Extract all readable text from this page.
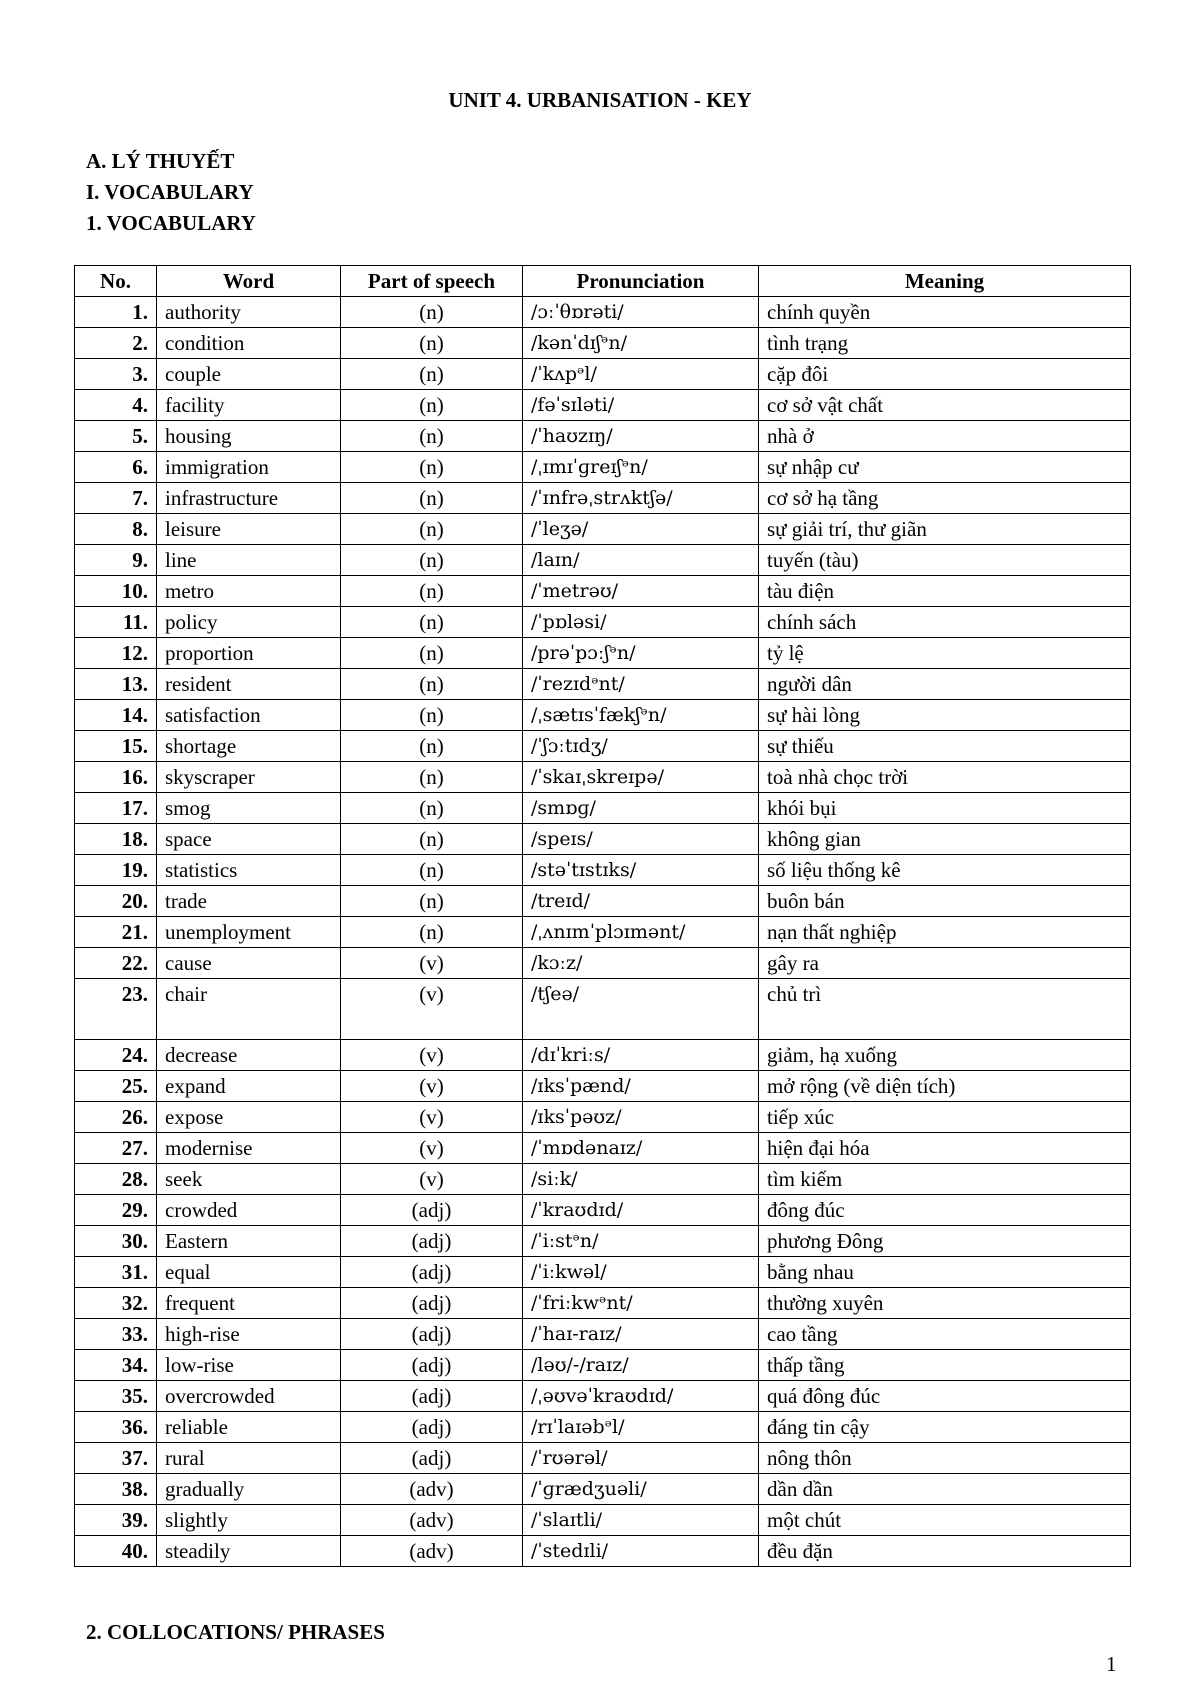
UNIT 4. URBANISATION - KEY
A. LÝ THUYẾT
I. VOCABULARY
1. VOCABULARY
No.	Word	Part of speech	Pronunciation	Meaning
1.	authority	(n)	/ɔːˈθɒrəti/	chính quyền
2.	condition	(n)	/kənˈdɪʃᵊn/	tình trạng
3.	couple	(n)	/ˈkʌpᵊl/	cặp đôi
4.	facility	(n)	/fəˈsɪləti/	cơ sở vật chất
5.	housing	(n)	/ˈhaʊzɪŋ/	nhà ở
6.	immigration	(n)	/ˌɪmɪˈɡreɪʃᵊn/	sự nhập cư
7.	infrastructure	(n)	/ˈɪnfrəˌstrʌktʃə/	cơ sở hạ tầng
8.	leisure	(n)	/ˈleʒə/	sự giải trí, thư giãn
9.	line	(n)	/laɪn/	tuyến (tàu)
10.	metro	(n)	/ˈmetrəʊ/	tàu điện
11.	policy	(n)	/ˈpɒləsi/	chính sách
12.	proportion	(n)	/prəˈpɔːʃᵊn/	tỷ lệ
13.	resident	(n)	/ˈrezɪdᵊnt/	người dân
14.	satisfaction	(n)	/ˌsætɪsˈfækʃᵊn/	sự hài lòng
15.	shortage	(n)	/ˈʃɔːtɪdʒ/	sự thiếu
16.	skyscraper	(n)	/ˈskaɪˌskreɪpə/	toà nhà chọc trời
17.	smog	(n)	/smɒɡ/	khói bụi
18.	space	(n)	/speɪs/	không gian
19.	statistics	(n)	/stəˈtɪstɪks/	số liệu thống kê
20.	trade	(n)	/treɪd/	buôn bán
21.	unemployment	(n)	/ˌʌnɪmˈplɔɪmənt/	nạn thất nghiệp
22.	cause	(v)	/kɔːz/	gây ra
23.	chair	(v)	/tʃeə/	chủ trì
24.	decrease	(v)	/dɪˈkriːs/	giảm, hạ xuống
25.	expand	(v)	/ɪksˈpænd/	mở rộng (về diện tích)
26.	expose	(v)	/ɪksˈpəʊz/	tiếp xúc
27.	modernise	(v)	/ˈmɒdənaɪz/	hiện đại hóa
28.	seek	(v)	/siːk/	tìm kiếm
29.	crowded	(adj)	/ˈkraʊdɪd/	đông đúc
30.	Eastern	(adj)	/ˈiːstᵊn/	phương Đông
31.	equal	(adj)	/ˈiːkwəl/	bằng nhau
32.	frequent	(adj)	/ˈfriːkwᵊnt/	thường xuyên
33.	high-rise	(adj)	/ˈhaɪ-raɪz/	cao tầng
34.	low-rise	(adj)	/ləʊ/-/raɪz/	thấp tầng
35.	overcrowded	(adj)	/ˌəʊvəˈkraʊdɪd/	quá đông đúc
36.	reliable	(adj)	/rɪˈlaɪəbᵊl/	đáng tin cậy
37.	rural	(adj)	/ˈrʊərəl/	nông thôn
38.	gradually	(adv)	/ˈɡrædʒuəli/	dần dần
39.	slightly	(adv)	/ˈslaɪtli/	một chút
40.	steadily	(adv)	/ˈstedɪli/	đều đặn
2. COLLOCATIONS/ PHRASES
1
